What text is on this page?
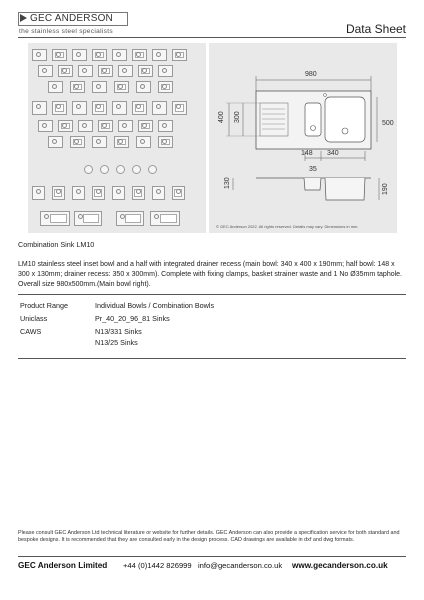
GEC ANDERSON
the stainless steel specialists	Data Sheet
980
400 300
500
148 340
35
130
190
© GEC Anderson 2022. All rights reserved. Details may vary. Dimensions in mm.
Combination Sink LM10

LM10 stainless steel inset bowl and a half with integrated drainer recess (main bowl: 340 x 400 x 190mm; half bowl: 148 x 300 x 130mm; drainer recess: 350 x 300mm). Complete with fixing clamps, basket strainer waste and 1 No Ø35mm taphole. Overall size 980x500mm.(Main bowl right).

Product Range	Individual Bowls / Combination Bowls
Uniclass	Pr_40_20_96_81 Sinks
CAWS	N13/331 Sinks
N13/25 Sinks

Please consult GEC Anderson Ltd technical literature or website for further details. GEC Anderson can also provide a specification service for both standard and bespoke designs. It is recommended that they are consulted early in the design process. CAD drawings are available in dxf and dwg formats.

GEC Anderson Limited +44 (0)1442 826999 info@gecanderson.co.uk www.gecanderson.co.uk
